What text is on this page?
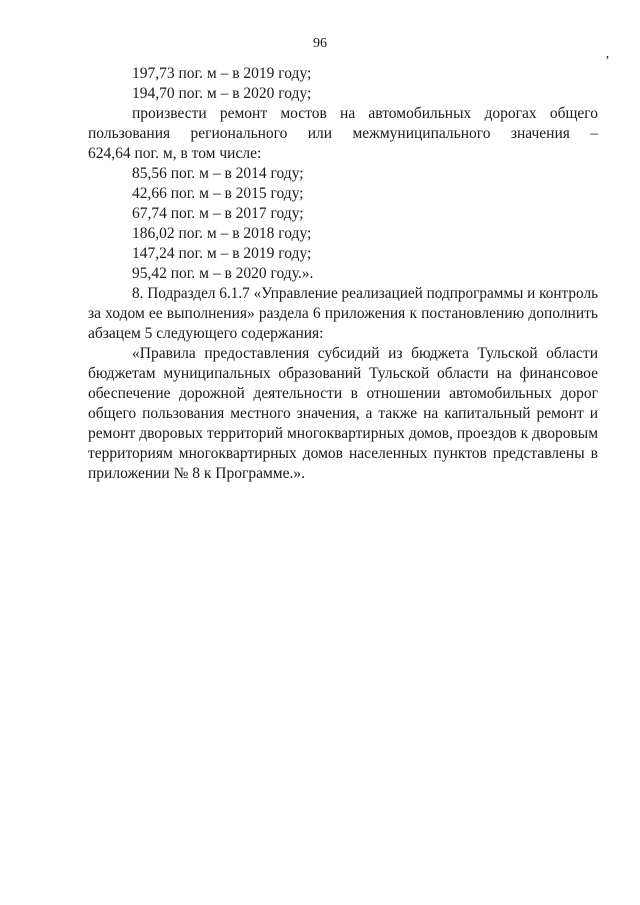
96
ʼ
197,73 пог. м – в 2019 году;
194,70 пог. м – в 2020 году;
произвести ремонт мостов на автомобильных дорогах общего
пользования регионального или межмуниципального значения –
624,64 пог. м, в том числе:
85,56 пог. м – в 2014 году;
42,66 пог. м – в 2015 году;
67,74 пог. м – в 2017 году;
186,02 пог. м – в 2018 году;
147,24 пог. м – в 2019 году;
95,42 пог. м – в 2020 году.».
8. Подраздел 6.1.7 «Управление реализацией подпрограммы и контроль
за ходом ее выполнения» раздела 6 приложения к постановлению дополнить
абзацем 5 следующего содержания:
«Правила предоставления субсидий из бюджета Тульской области
бюджетам муниципальных образований Тульской области на финансовое
обеспечение дорожной деятельности в отношении автомобильных дорог
общего пользования местного значения, а также на капитальный ремонт и
ремонт дворовых территорий многоквартирных домов, проездов к дворовым
территориям многоквартирных домов населенных пунктов представлены в
приложении № 8 к Программе.».
